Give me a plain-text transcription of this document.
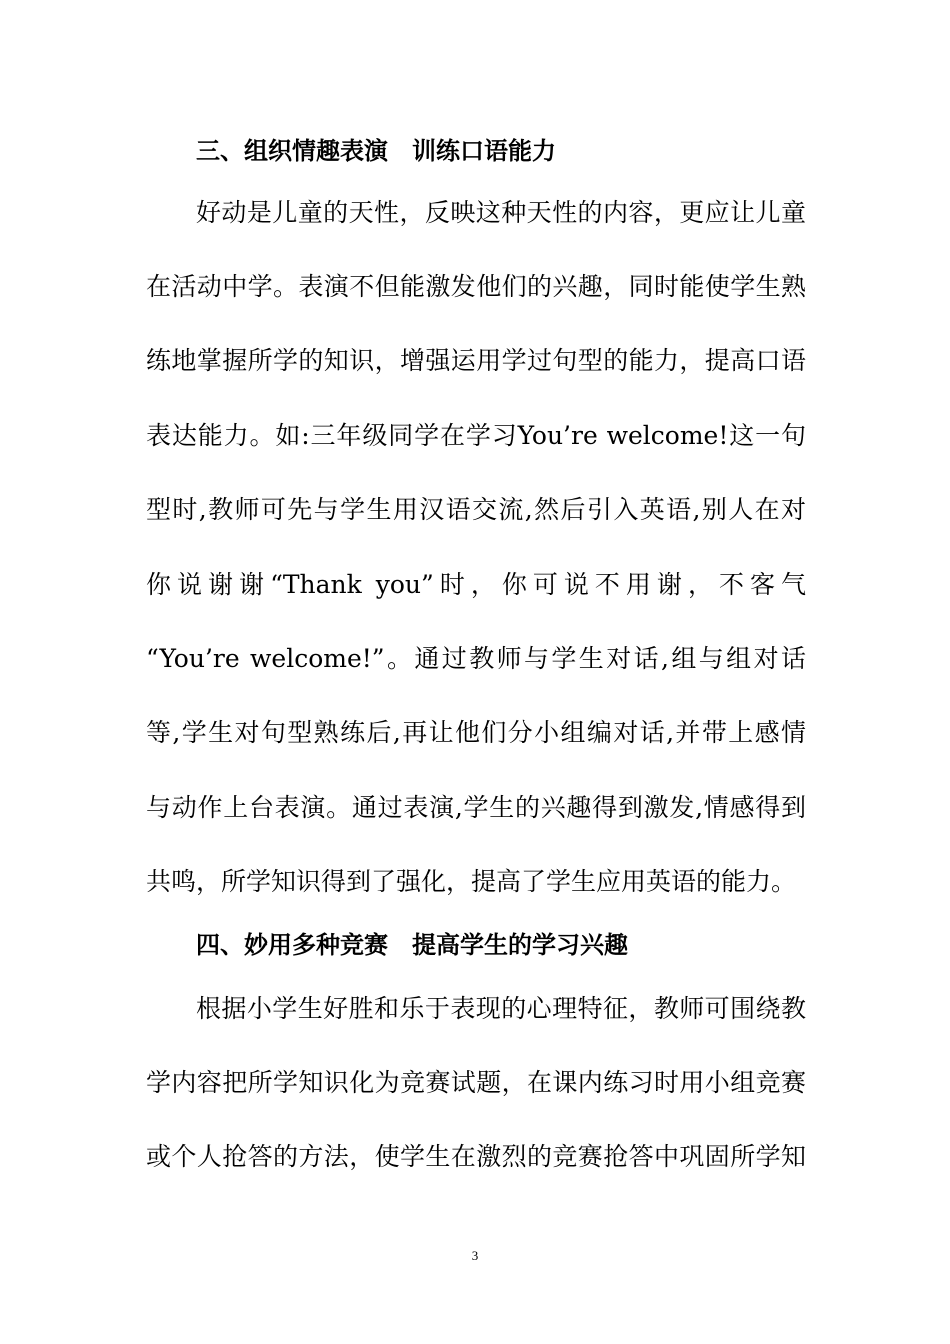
三、组织情趣表演　训练口语能力
好动是儿童的天性，反映这种天性的内容，更应让儿童
在活动中学。表演不但能激发他们的兴趣，同时能使学生熟
练地掌握所学的知识，增强运用学过句型的能力，提高口语
表达能力。如:三年级同学在学习You’re welcome!这一句
型时,教师可先与学生用汉语交流,然后引入英语,别人在对
你说谢谢“Thank you”时，你可说不用谢，不客气
“You’re welcome!”。通过教师与学生对话,组与组对话
等,学生对句型熟练后,再让他们分小组编对话,并带上感情
与动作上台表演。通过表演,学生的兴趣得到激发,情感得到
共鸣，所学知识得到了强化，提高了学生应用英语的能力。
四、妙用多种竞赛　提高学生的学习兴趣
根据小学生好胜和乐于表现的心理特征，教师可围绕教
学内容把所学知识化为竞赛试题，在课内练习时用小组竞赛
或个人抢答的方法，使学生在激烈的竞赛抢答中巩固所学知
3
